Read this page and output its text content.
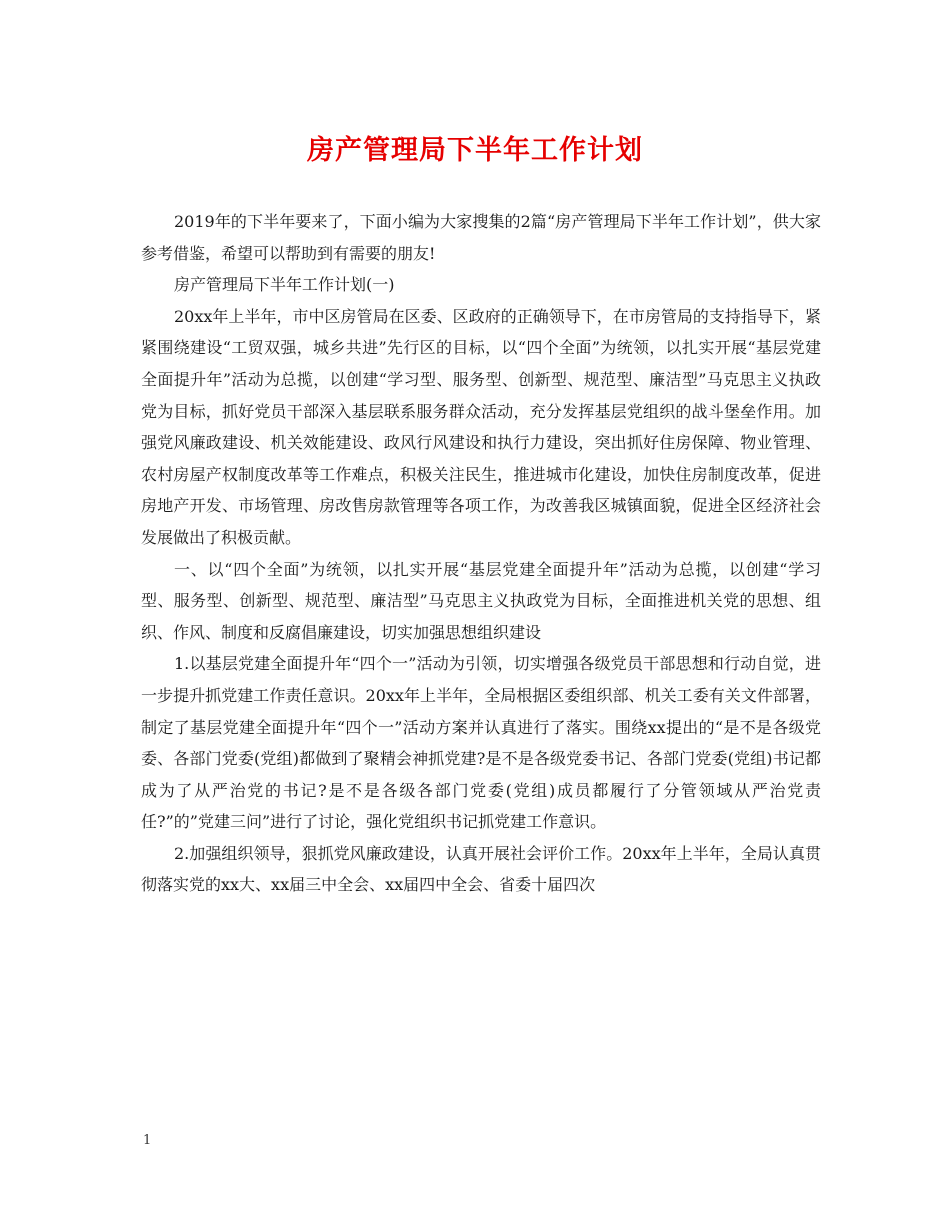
房产管理局下半年工作计划

2019年的下半年要来了，下面小编为大家搜集的2篇“房产管理局下半年工作计划”，供大家参考借鉴，希望可以帮助到有需要的朋友!

房产管理局下半年工作计划(一)

20xx年上半年，市中区房管局在区委、区政府的正确领导下，在市房管局的支持指导下，紧紧围绕建设“工贸双强，城乡共进”先行区的目标，以“四个全面”为统领，以扎实开展“基层党建全面提升年”活动为总揽，以创建“学习型、服务型、创新型、规范型、廉洁型”马克思主义执政党为目标，抓好党员干部深入基层联系服务群众活动，充分发挥基层党组织的战斗堡垒作用。加强党风廉政建设、机关效能建设、政风行风建设和执行力建设，突出抓好住房保障、物业管理、农村房屋产权制度改革等工作难点，积极关注民生，推进城市化建设，加快住房制度改革，促进房地产开发、市场管理、房改售房款管理等各项工作，为改善我区城镇面貌，促进全区经济社会发展做出了积极贡献。

一、以“四个全面”为统领，以扎实开展“基层党建全面提升年”活动为总揽，以创建“学习型、服务型、创新型、规范型、廉洁型”马克思主义执政党为目标，全面推进机关党的思想、组织、作风、制度和反腐倡廉建设，切实加强思想组织建设

1.以基层党建全面提升年“四个一”活动为引领，切实增强各级党员干部思想和行动自觉，进一步提升抓党建工作责任意识。20xx年上半年，全局根据区委组织部、机关工委有关文件部署，制定了基层党建全面提升年“四个一”活动方案并认真进行了落实。围绕xx提出的“是不是各级党委、各部门党委(党组)都做到了聚精会神抓党建?是不是各级党委书记、各部门党委(党组)书记都成为了从严治党的书记?是不是各级各部门党委(党组)成员都履行了分管领域从严治党责任?”的”党建三问”进行了讨论，强化党组织书记抓党建工作意识。

2.加强组织领导，狠抓党风廉政建设，认真开展社会评价工作。20xx年上半年，全局认真贯彻落实党的xx大、xx届三中全会、xx届四中全会、省委十届四次

1
